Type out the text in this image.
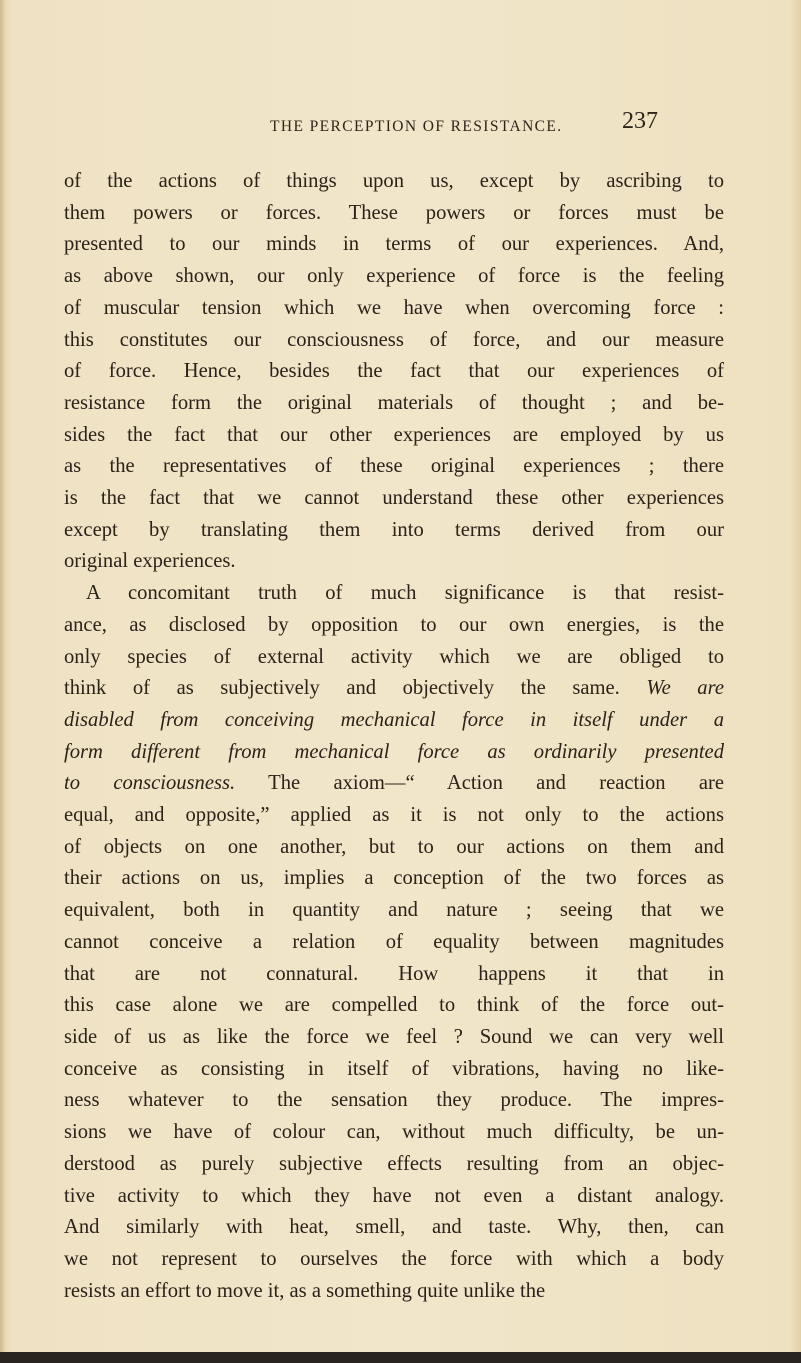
THE PERCEPTION OF RESISTANCE. 237
of the actions of things upon us, except by ascribing to
them powers or forces. These powers or forces must be
presented to our minds in terms of our experiences. And,
as above shown, our only experience of force is the feeling
of muscular tension which we have when overcoming force :
this constitutes our consciousness of force, and our measure
of force. Hence, besides the fact that our experiences of
resistance form the original materials of thought ; and be-
sides the fact that our other experiences are employed by us
as the representatives of these original experiences ; there
is the fact that we cannot understand these other experiences
except by translating them into terms derived from our
original experiences.
A concomitant truth of much significance is that resist-
ance, as disclosed by opposition to our own energies, is the
only species of external activity which we are obliged to
think of as subjectively and objectively the same. We are
disabled from conceiving mechanical force in itself under a
form different from mechanical force as ordinarily presented
to consciousness. The axiom—“ Action and reaction are
equal, and opposite,” applied as it is not only to the actions
of objects on one another, but to our actions on them and
their actions on us, implies a conception of the two forces as
equivalent, both in quantity and nature ; seeing that we
cannot conceive a relation of equality between magnitudes
that are not connatural. How happens it that in
this case alone we are compelled to think of the force out-
side of us as like the force we feel ? Sound we can very well
conceive as consisting in itself of vibrations, having no like-
ness whatever to the sensation they produce. The impres-
sions we have of colour can, without much difficulty, be un-
derstood as purely subjective effects resulting from an objec-
tive activity to which they have not even a distant analogy.
And similarly with heat, smell, and taste. Why, then, can
we not represent to ourselves the force with which a body
resists an effort to move it, as a something quite unlike the
